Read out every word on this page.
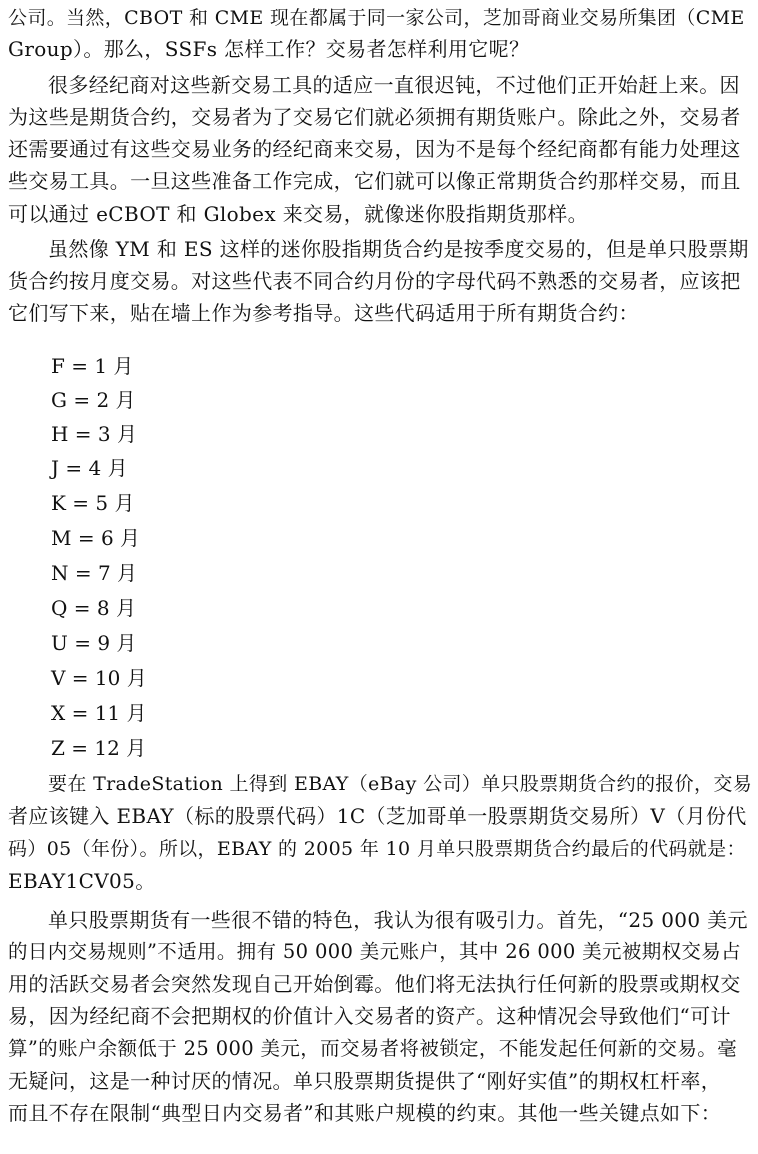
公司。当然，CBOT 和 CME 现在都属于同一家公司，芝加哥商业交易所集团（CME
Group）。那么，SSFs 怎样工作？交易者怎样利用它呢？
很多经纪商对这些新交易工具的适应一直很迟钝，不过他们正开始赶上来。因
为这些是期货合约，交易者为了交易它们就必须拥有期货账户。除此之外，交易者
还需要通过有这些交易业务的经纪商来交易，因为不是每个经纪商都有能力处理这
些交易工具。一旦这些准备工作完成，它们就可以像正常期货合约那样交易，而且
可以通过 eCBOT 和 Globex 来交易，就像迷你股指期货那样。
虽然像 YM 和 ES 这样的迷你股指期货合约是按季度交易的，但是单只股票期
货合约按月度交易。对这些代表不同合约月份的字母代码不熟悉的交易者，应该把
它们写下来，贴在墙上作为参考指导。这些代码适用于所有期货合约：
F = 1 月
G = 2 月
H = 3 月
J = 4 月
K = 5 月
M = 6 月
N = 7 月
Q = 8 月
U = 9 月
V = 10 月
X = 11 月
Z = 12 月
要在 TradeStation 上得到 EBAY（eBay 公司）单只股票期货合约的报价，交易
者应该键入 EBAY（标的股票代码）1C（芝加哥单一股票期货交易所）V（月份代
码）05（年份）。所以，EBAY 的 2005 年 10 月单只股票期货合约最后的代码就是：
EBAY1CV05。
单只股票期货有一些很不错的特色，我认为很有吸引力。首先，“25 000 美元
的日内交易规则”不适用。拥有 50 000 美元账户，其中 26 000 美元被期权交易占
用的活跃交易者会突然发现自己开始倒霉。他们将无法执行任何新的股票或期权交
易，因为经纪商不会把期权的价值计入交易者的资产。这种情况会导致他们“可计
算”的账户余额低于 25 000 美元，而交易者将被锁定，不能发起任何新的交易。毫
无疑问，这是一种讨厌的情况。单只股票期货提供了“刚好实值”的期权杠杆率，
而且不存在限制“典型日内交易者”和其账户规模的约束。其他一些关键点如下：
